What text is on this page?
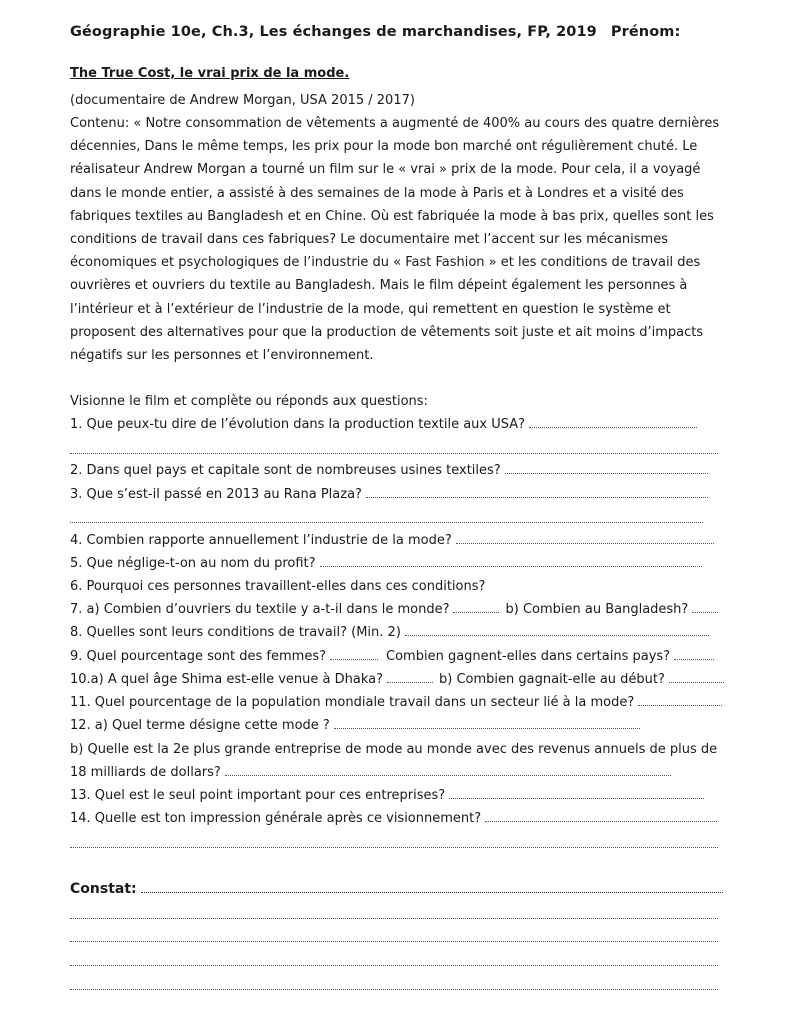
Géographie 10e, Ch.3, Les échanges de marchandises, FP, 2019 Prénom:
The True Cost, le vrai prix de la mode.
(documentaire de Andrew Morgan, USA 2015 / 2017)
Contenu: « Notre consommation de vêtements a augmenté de 400% au cours des quatre dernières décennies, Dans le même temps, les prix pour la mode bon marché ont régulièrement chuté. Le réalisateur Andrew Morgan a tourné un film sur le « vrai » prix de la mode. Pour cela, il a voyagé dans le monde entier, a assisté à des semaines de la mode à Paris et à Londres et a visité des fabriques textiles au Bangladesh et en Chine. Où est fabriquée la mode à bas prix, quelles sont les conditions de travail dans ces fabriques? Le documentaire met l’accent sur les mécanismes économiques et psychologiques de l’industrie du « Fast Fashion » et les conditions de travail des ouvrières et ouvriers du textile au Bangladesh. Mais le film dépeint également les personnes à l’intérieur et à l’extérieur de l’industrie de la mode, qui remettent en question le système et proposent des alternatives pour que la production de vêtements soit juste et ait moins d’impacts négatifs sur les personnes et l’environnement.
Visionne le film et complète ou réponds aux questions:
1. Que peux-tu dire de l’évolution dans la production textile aux USA?
2. Dans quel pays et capitale sont de nombreuses usines textiles?
3. Que s’est-il passé en 2013 au Rana Plaza?
4. Combien rapporte annuellement l’industrie de la mode?
5. Que néglige-t-on au nom du profit?
6. Pourquoi ces personnes travaillent-elles dans ces conditions?
7. a) Combien d’ouvriers du textile y a-t-il dans le monde?	b) Combien au Bangladesh?
8. Quelles sont leurs conditions de travail? (Min. 2)
9. Quel pourcentage sont des femmes?	Combien gagnent-elles dans certains pays?
10.a) A quel âge Shima est-elle venue à Dhaka?	b) Combien gagnait-elle au début?
11. Quel pourcentage de la population mondiale travail dans un secteur lié à la mode?
12. a) Quel terme désigne cette mode ?
b) Quelle est la 2e plus grande entreprise de mode au monde avec des revenus annuels de plus de
18 milliards de dollars?
13. Quel est le seul point important pour ces entreprises?
14. Quelle est ton impression générale après ce visionnement?
Constat:
